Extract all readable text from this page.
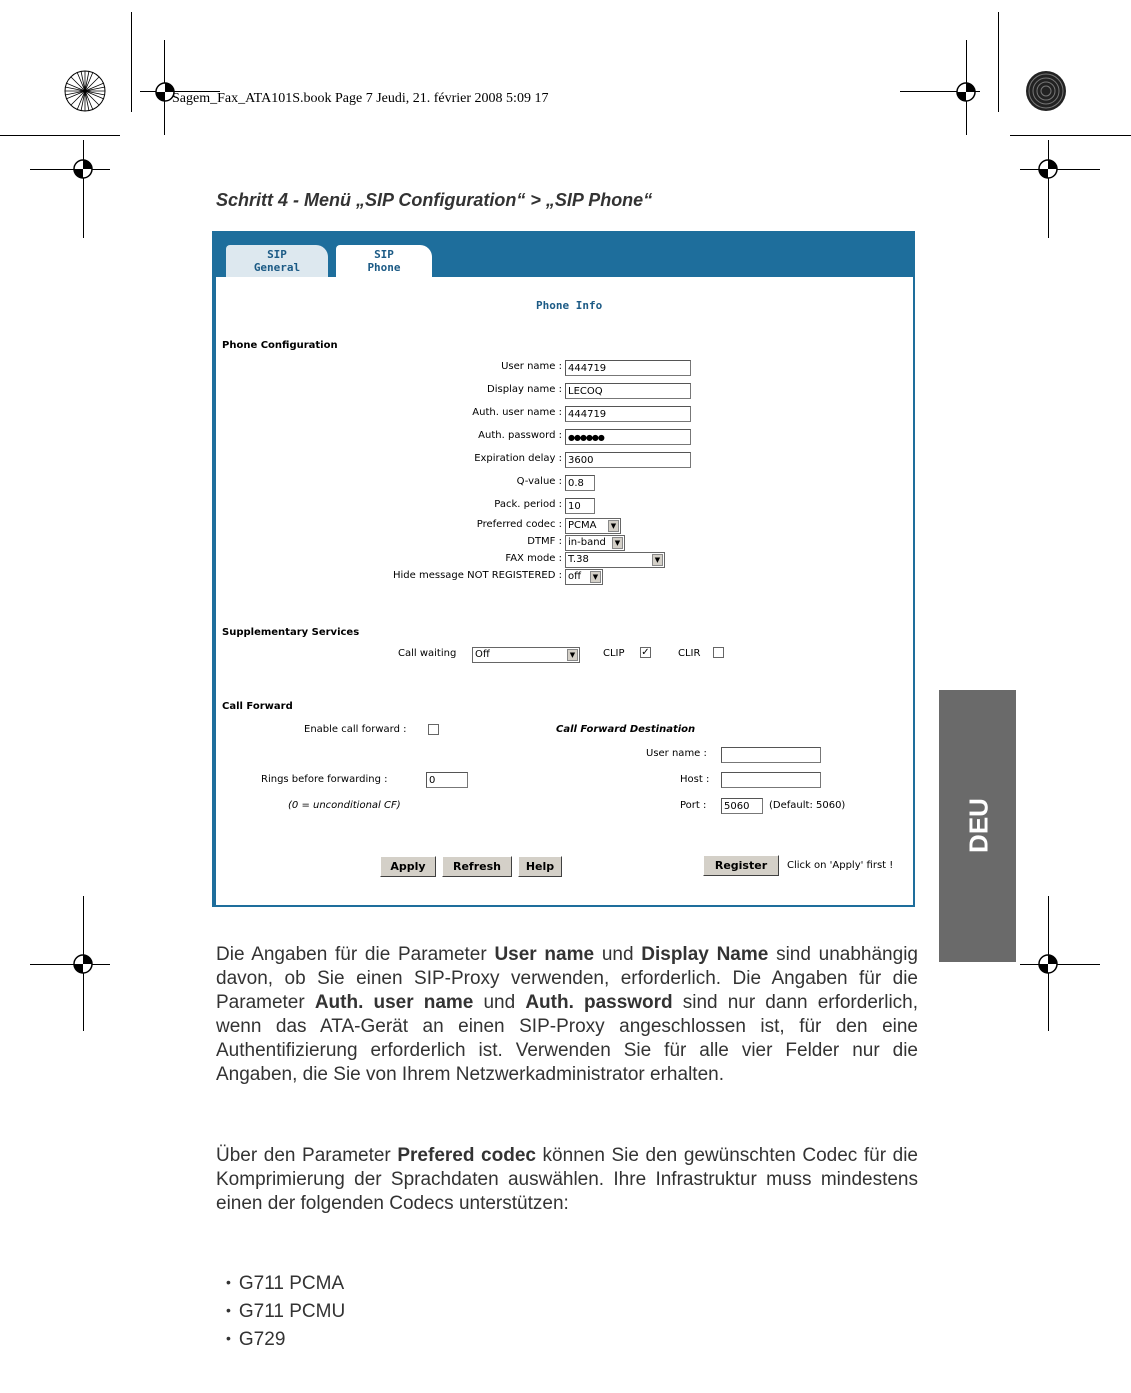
Sagem_Fax_ATA101S.book Page 7 Jeudi, 21. février 2008 5:09 17
Schritt 4 - Menü „SIP Configuration“ > „SIP Phone“
SIP
General
SIP
Phone
Phone Info
Phone Configuration
User name : 444719
Display name : LECOQ
Auth. user name : 444719
Auth. password : ●●●●●●
Expiration delay : 3600
Q-value : 0.8
Pack. period : 10
Preferred codec : PCMA	▼
DTMF : in-band	▼
FAX mode : T.38	▼
Hide message NOT REGISTERED : off	▼
Supplementary Services
Call waiting	Off	▼	CLIP ✓	CLIR
Call Forward
Enable call forward :	Call Forward Destination
User name :
Rings before forwarding :	0	Host :
(0 = unconditional CF)	Port :	5060	(Default: 5060)
Apply	Refresh	Help	Register	Click on 'Apply' first !
Die Angaben für die Parameter User name und Display Name sind unabhängig davon, ob Sie einen SIP-Proxy verwenden, erforderlich. Die Angaben für die Parameter Auth. user name und Auth. password sind nur dann erforderlich, wenn das ATA-Gerät an einen SIP-Proxy angeschlossen ist, für den eine Authentifizierung erforderlich ist. Verwenden Sie für alle vier Felder nur die Angaben, die Sie von Ihrem Netzwerkadministrator erhalten.
Über den Parameter Prefered codec können Sie den gewünschten Codec für die Komprimierung der Sprachdaten auswählen. Ihre Infrastruktur muss mindestens einen der folgenden Codecs unterstützen:
• G711 PCMA
• G711 PCMU
• G729
DEU
